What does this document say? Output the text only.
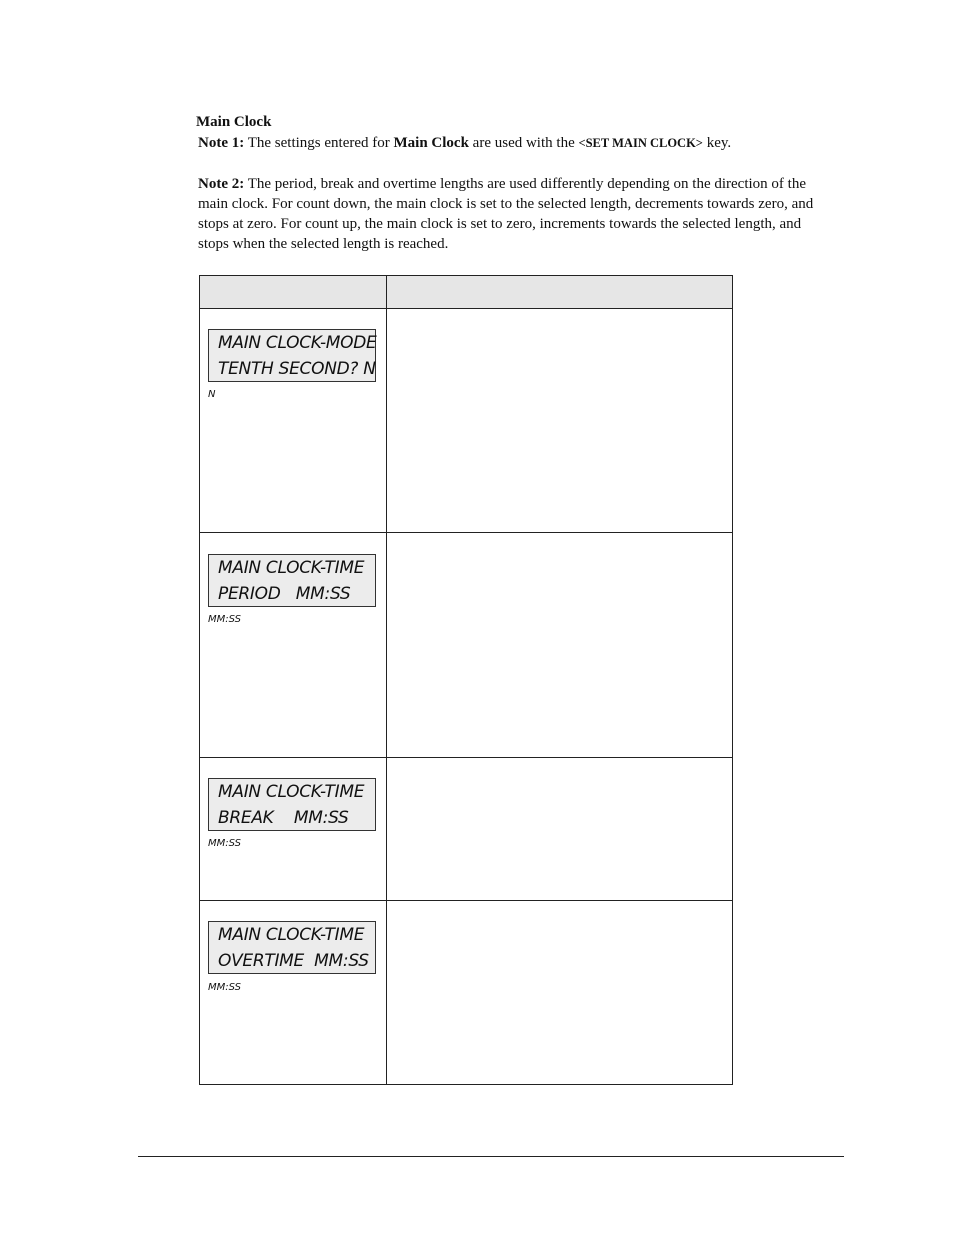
Main Clock
Note 1: The settings entered for Main Clock are used with the <SET MAIN CLOCK> key.
Note 2: The period, break and overtime lengths are used differently depending on the direction of the main clock. For count down, the main clock is set to the selected length, decrements towards zero, and stops at zero. For count up, the main clock is set to zero, increments towards the selected length, and stops when the selected length is reached.
MAIN CLOCK-MODE
TENTH SECOND? N
N
MAIN CLOCK-TIME
PERIOD   MM:SS
MM:SS
MAIN CLOCK-TIME
BREAK    MM:SS
MM:SS
MAIN CLOCK-TIME
OVERTIME  MM:SS
MM:SS
